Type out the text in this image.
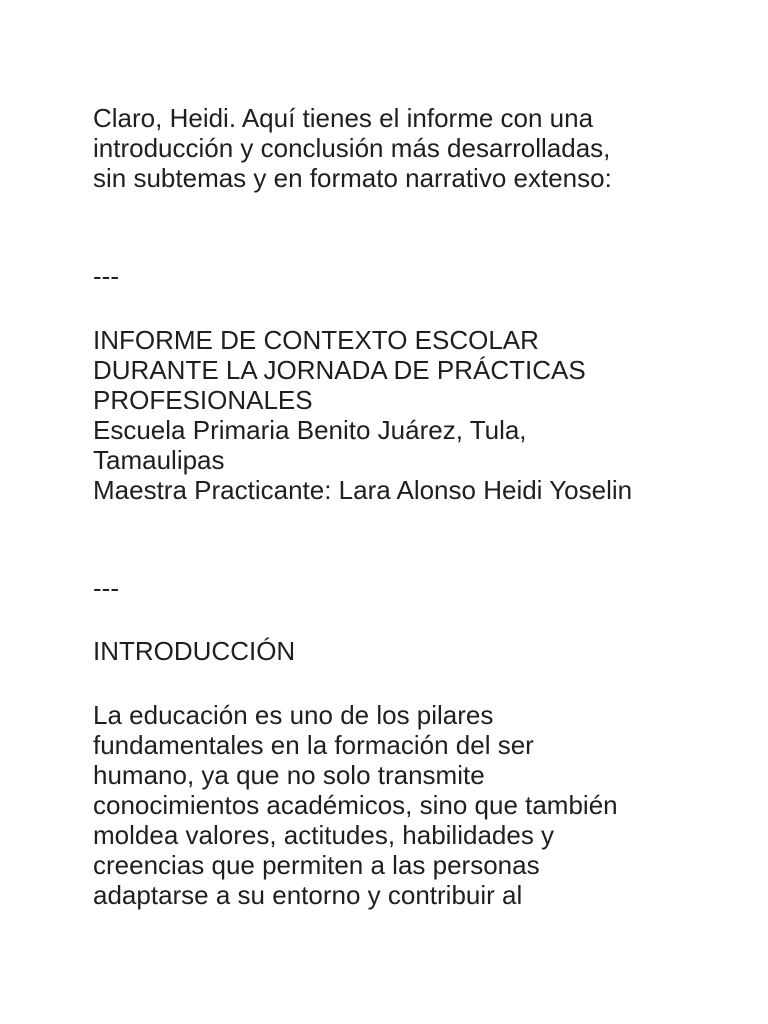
Claro, Heidi. Aquí tienes el informe con una
introducción y conclusión más desarrolladas,
sin subtemas y en formato narrativo extenso:
---
INFORME DE CONTEXTO ESCOLAR
DURANTE LA JORNADA DE PRÁCTICAS
PROFESIONALES
Escuela Primaria Benito Juárez, Tula,
Tamaulipas
Maestra Practicante: Lara Alonso Heidi Yoselin
---
INTRODUCCIÓN
La educación es uno de los pilares
fundamentales en la formación del ser
humano, ya que no solo transmite
conocimientos académicos, sino que también
moldea valores, actitudes, habilidades y
creencias que permiten a las personas
adaptarse a su entorno y contribuir al
